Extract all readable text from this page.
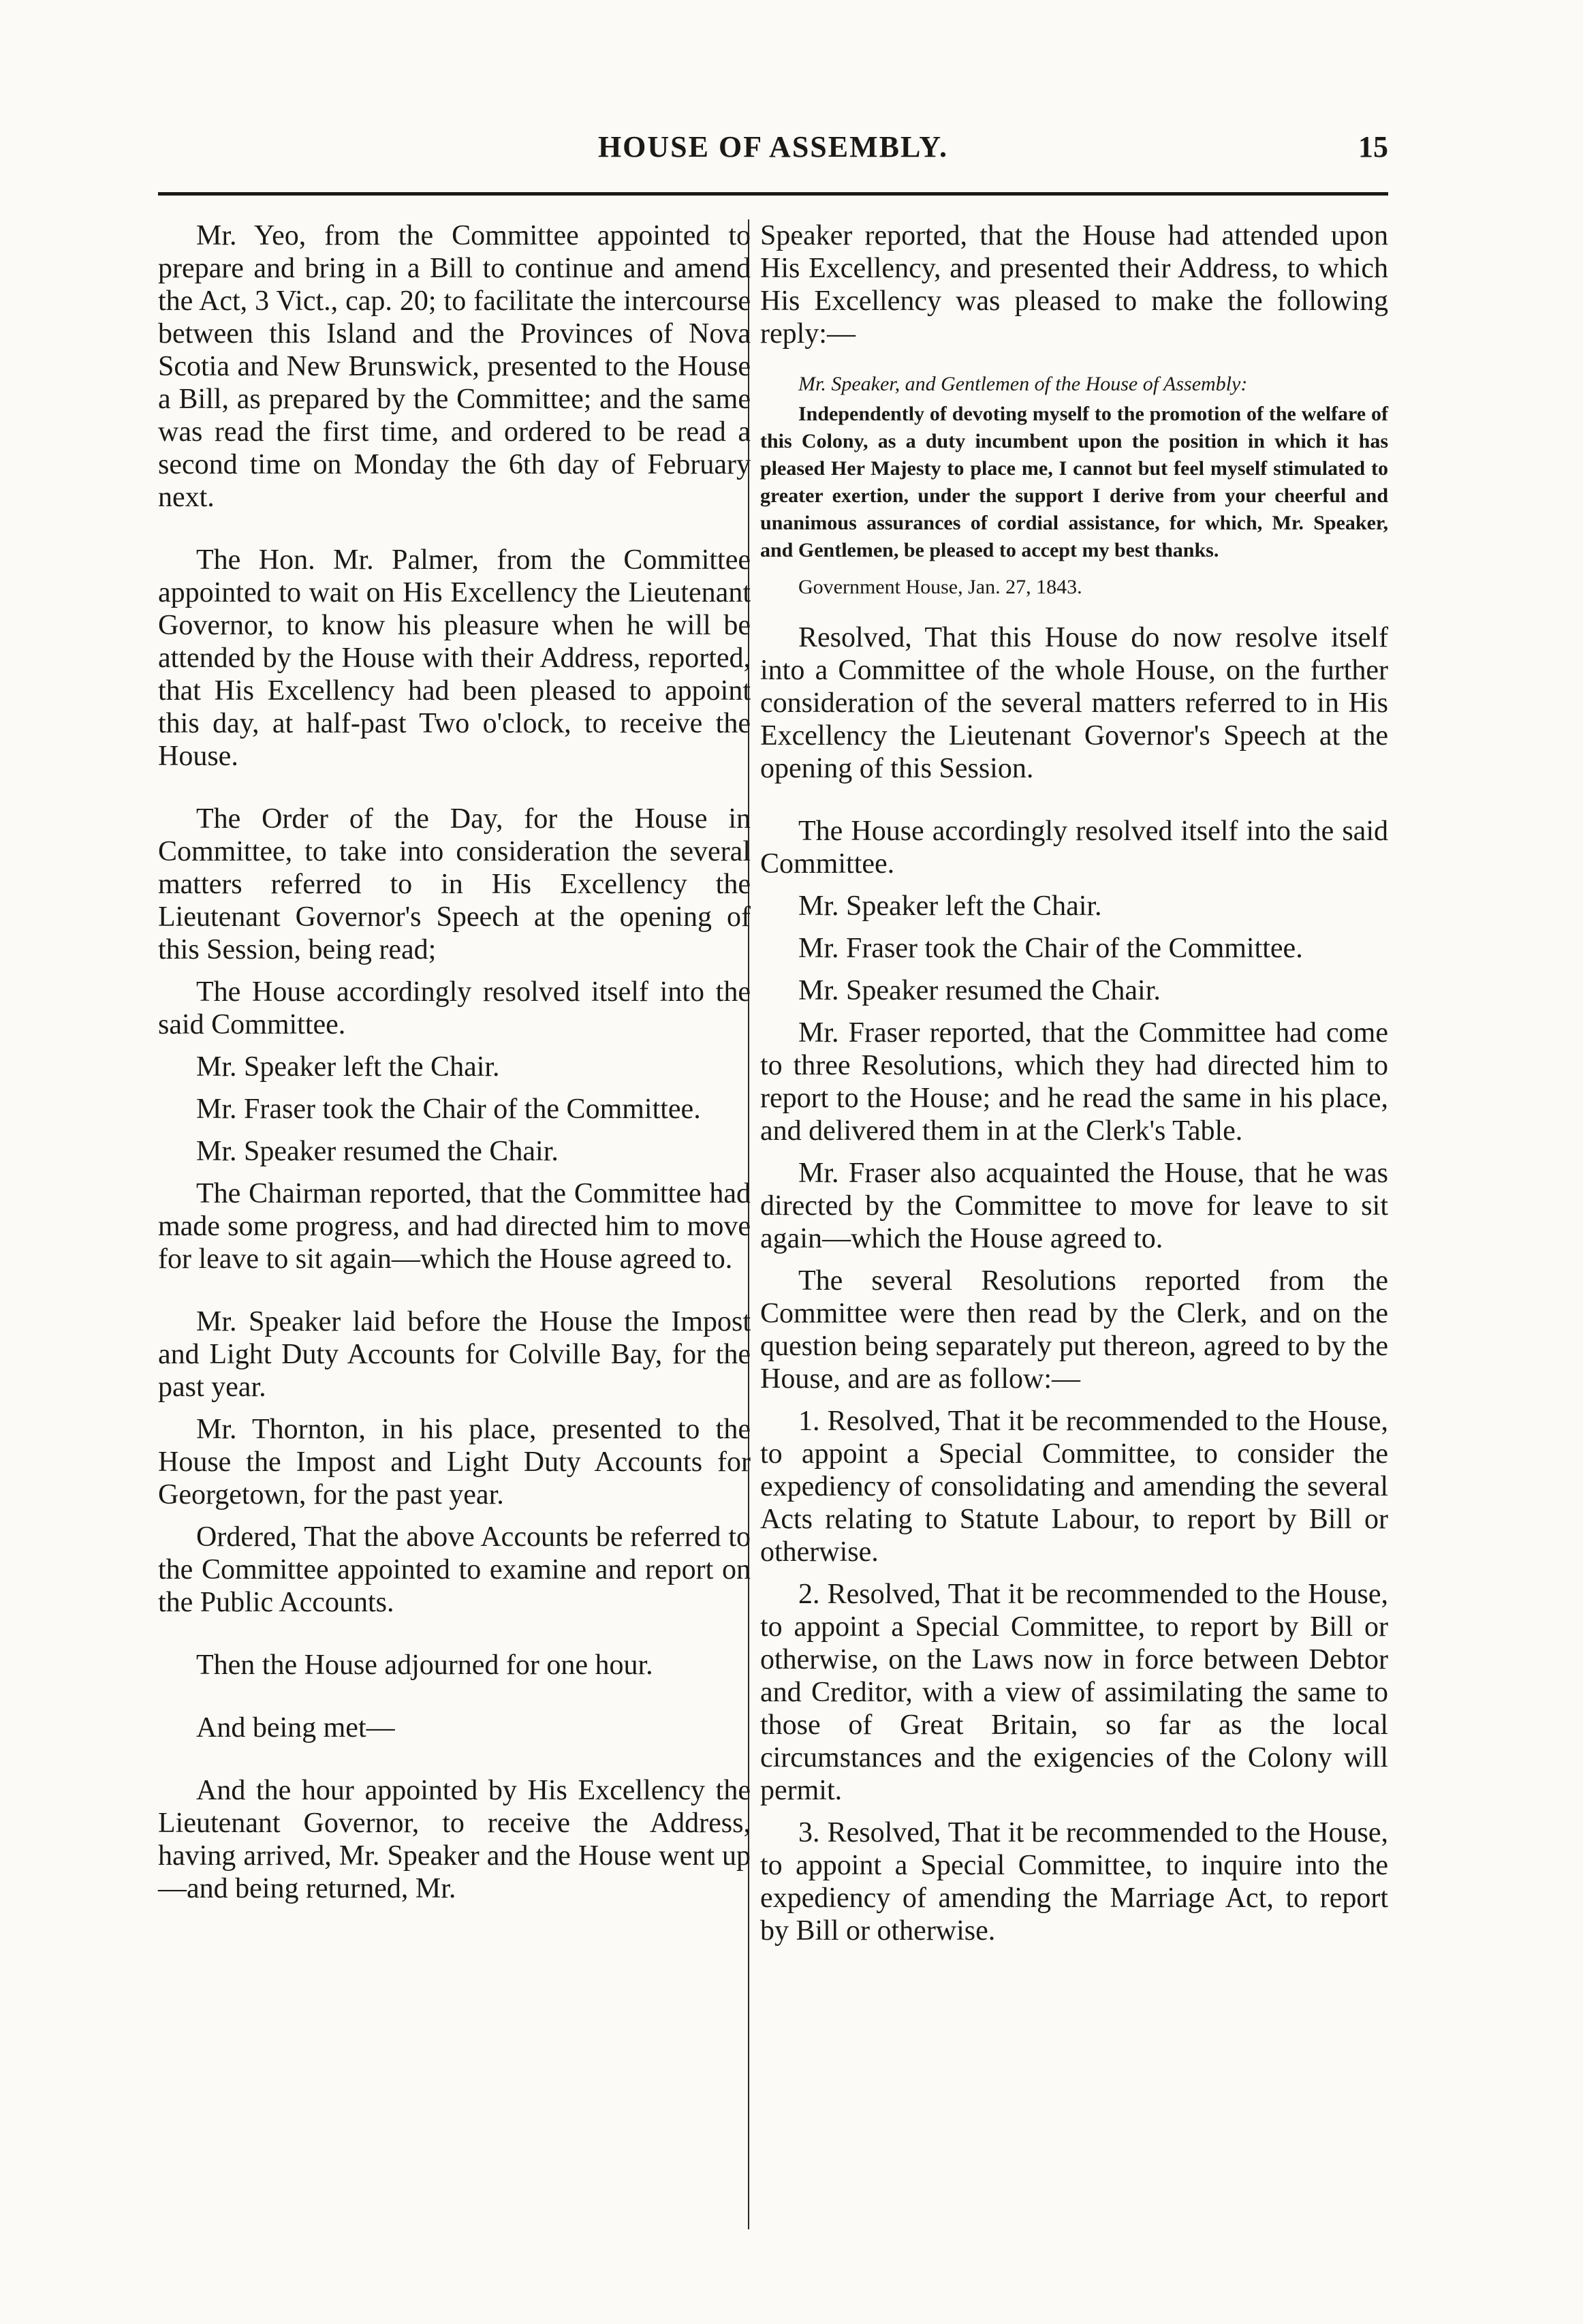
HOUSE OF ASSEMBLY.	15

Mr. Yeo, from the Committee appointed to prepare and bring in a Bill to continue and amend the Act, 3 Vict., cap. 20; to facilitate the intercourse between this Island and the Provinces of Nova Scotia and New Brunswick, presented to the House a Bill, as prepared by the Committee; and the same was read the first time, and ordered to be read a second time on Monday the 6th day of February next.

The Hon. Mr. Palmer, from the Committee appointed to wait on His Excellency the Lieutenant Governor, to know his pleasure when he will be attended by the House with their Address, reported, that His Excellency had been pleased to appoint this day, at half-past Two o'clock, to receive the House.

The Order of the Day, for the House in Committee, to take into consideration the several matters referred to in His Excellency the Lieutenant Governor's Speech at the opening of this Session, being read;

The House accordingly resolved itself into the said Committee.

Mr. Speaker left the Chair.

Mr. Fraser took the Chair of the Committee.

Mr. Speaker resumed the Chair.

The Chairman reported, that the Committee had made some progress, and had directed him to move for leave to sit again—which the House agreed to.

Mr. Speaker laid before the House the Impost and Light Duty Accounts for Colville Bay, for the past year.

Mr. Thornton, in his place, presented to the House the Impost and Light Duty Accounts for Georgetown, for the past year.

Ordered, That the above Accounts be referred to the Committee appointed to examine and report on the Public Accounts.

Then the House adjourned for one hour.

And being met—

And the hour appointed by His Excellency the Lieutenant Governor, to receive the Address, having arrived, Mr. Speaker and the House went up—and being returned, Mr.

Speaker reported, that the House had attended upon His Excellency, and presented their Address, to which His Excellency was pleased to make the following reply:—

Mr. Speaker, and Gentlemen of the House of Assembly:

Independently of devoting myself to the promotion of the welfare of this Colony, as a duty incumbent upon the position in which it has pleased Her Majesty to place me, I cannot but feel myself stimulated to greater exertion, under the support I derive from your cheerful and unanimous assurances of cordial assistance, for which, Mr. Speaker, and Gentlemen, be pleased to accept my best thanks.

Government House, Jan. 27, 1843.

Resolved, That this House do now resolve itself into a Committee of the whole House, on the further consideration of the several matters referred to in His Excellency the Lieutenant Governor's Speech at the opening of this Session.

The House accordingly resolved itself into the said Committee.

Mr. Speaker left the Chair.

Mr. Fraser took the Chair of the Committee.

Mr. Speaker resumed the Chair.

Mr. Fraser reported, that the Committee had come to three Resolutions, which they had directed him to report to the House; and he read the same in his place, and delivered them in at the Clerk's Table.

Mr. Fraser also acquainted the House, that he was directed by the Committee to move for leave to sit again—which the House agreed to.

The several Resolutions reported from the Committee were then read by the Clerk, and on the question being separately put thereon, agreed to by the House, and are as follow:—

1. Resolved, That it be recommended to the House, to appoint a Special Committee, to consider the expediency of consolidating and amending the several Acts relating to Statute Labour, to report by Bill or otherwise.

2. Resolved, That it be recommended to the House, to appoint a Special Committee, to report by Bill or otherwise, on the Laws now in force between Debtor and Creditor, with a view of assimilating the same to those of Great Britain, so far as the local circumstances and the exigencies of the Colony will permit.

3. Resolved, That it be recommended to the House, to appoint a Special Committee, to inquire into the expediency of amending the Marriage Act, to report by Bill or otherwise.
